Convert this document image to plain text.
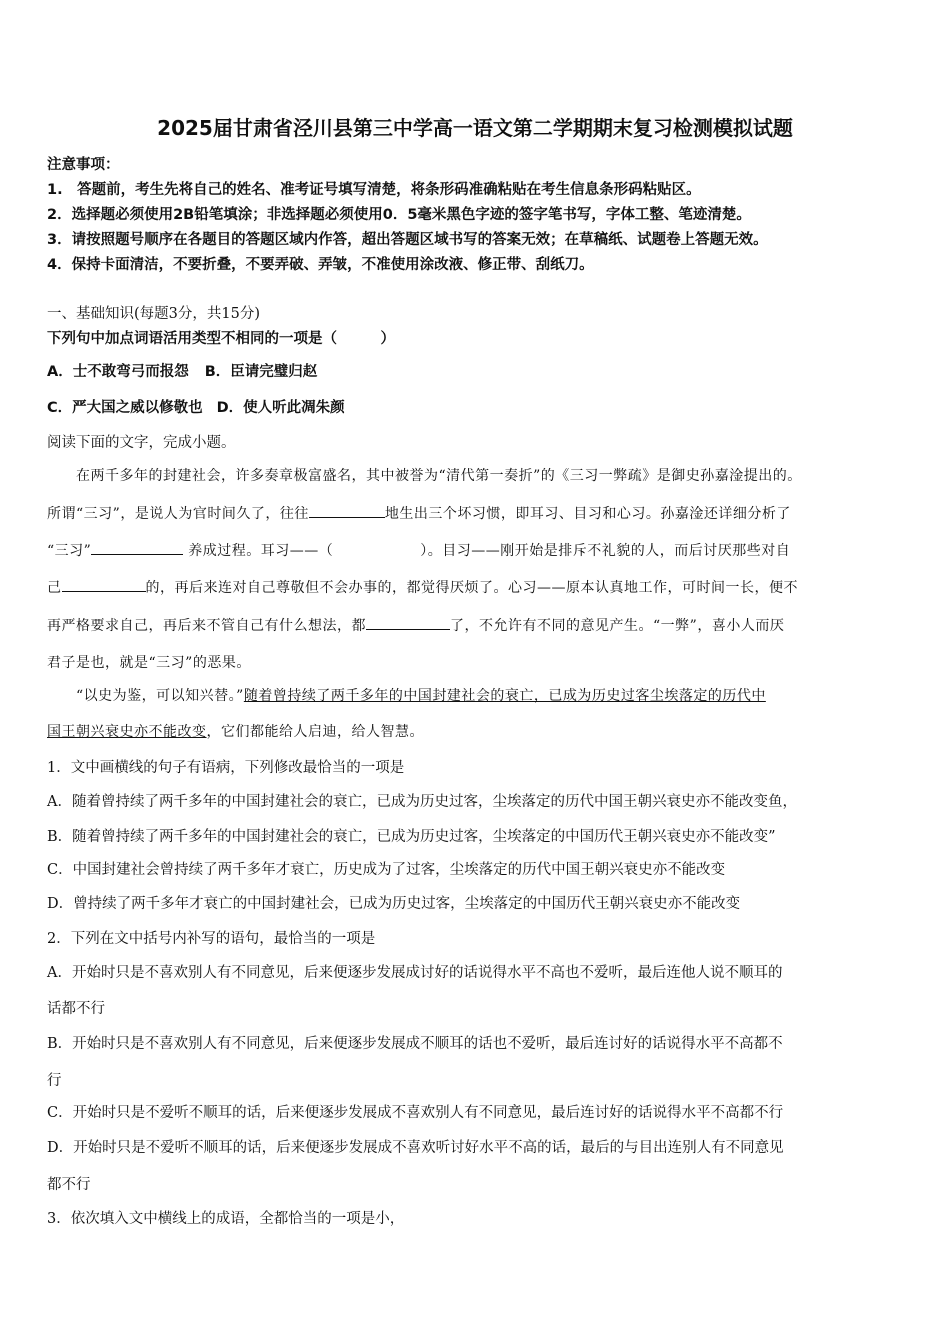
2025届甘肃省泾川县第三中学高一语文第二学期期末复习检测模拟试题
注意事项：
1.　答题前，考生先将自己的姓名、准考证号填写清楚，将条形码准确粘贴在考生信息条形码粘贴区。
2．选择题必须使用2B铅笔填涂；非选择题必须使用0．5毫米黑色字迹的签字笔书写，字体工整、笔迹清楚。
3．请按照题号顺序在各题目的答题区域内作答，超出答题区域书写的答案无效；在草稿纸、试题卷上答题无效。
4．保持卡面清洁，不要折叠，不要弄破、弄皱，不准使用涂改液、修正带、刮纸刀。
一、基础知识(每题3分，共15分)
下列句中加点词语活用类型不相同的一项是（　　　）
A．士不敢弯弓而报怨 B．臣请完璧归赵
C．严大国之威以修敬也 D．使人听此凋朱颜
阅读下面的文字，完成小题。
　　在两千多年的封建社会，许多奏章极富盛名，其中被誉为“清代第一奏折”的《三习一弊疏》是御史孙嘉淦提出的。
所谓“三习”，是说人为官时间久了，往往	地生出三个坏习惯，即耳习、目习和心习。孙嘉淦还详细分析了
“三习”	养成过程。耳习——（　　　　　　）。目习——刚开始是排斥不礼貌的人，而后讨厌那些对自
己	的，再后来连对自己尊敬但不会办事的，都觉得厌烦了。心习——原本认真地工作，可时间一长，便不
再严格要求自己，再后来不管自己有什么想法，都	了，不允许有不同的意见产生。“一弊”，喜小人而厌
君子是也，就是“三习”的恶果。
　　“以史为鉴，可以知兴替。”随着曾持续了两千多年的中国封建社会的衰亡，已成为历史过客尘埃落定的历代中
国王朝兴衰史亦不能改变，它们都能给人启迪，给人智慧。
1．文中画横线的句子有语病，下列修改最恰当的一项是
A．随着曾持续了两千多年的中国封建社会的衰亡，已成为历史过客，尘埃落定的历代中国王朝兴衰史亦不能改变鱼，
B．随着曾持续了两千多年的中国封建社会的衰亡，已成为历史过客，尘埃落定的中国历代王朝兴衰史亦不能改变”
C．中国封建社会曾持续了两千多年才衰亡，历史成为了过客，尘埃落定的历代中国王朝兴衰史亦不能改变
D．曾持续了两千多年才衰亡的中国封建社会，已成为历史过客，尘埃落定的中国历代王朝兴衰史亦不能改变
2．下列在文中括号内补写的语句，最恰当的一项是
A．开始时只是不喜欢别人有不同意见，后来便逐步发展成讨好的话说得水平不高也不爱听，最后连他人说不顺耳的
话都不行
B．开始时只是不喜欢别人有不同意见，后来便逐步发展成不顺耳的话也不爱听，最后连讨好的话说得水平不高都不
行
C．开始时只是不爱听不顺耳的话，后来便逐步发展成不喜欢别人有不同意见，最后连讨好的话说得水平不高都不行
D．开始时只是不爱听不顺耳的话，后来便逐步发展成不喜欢听讨好水平不高的话，最后的与目出连别人有不同意见
都不行
3．依次填入文中横线上的成语，全都恰当的一项是小，
